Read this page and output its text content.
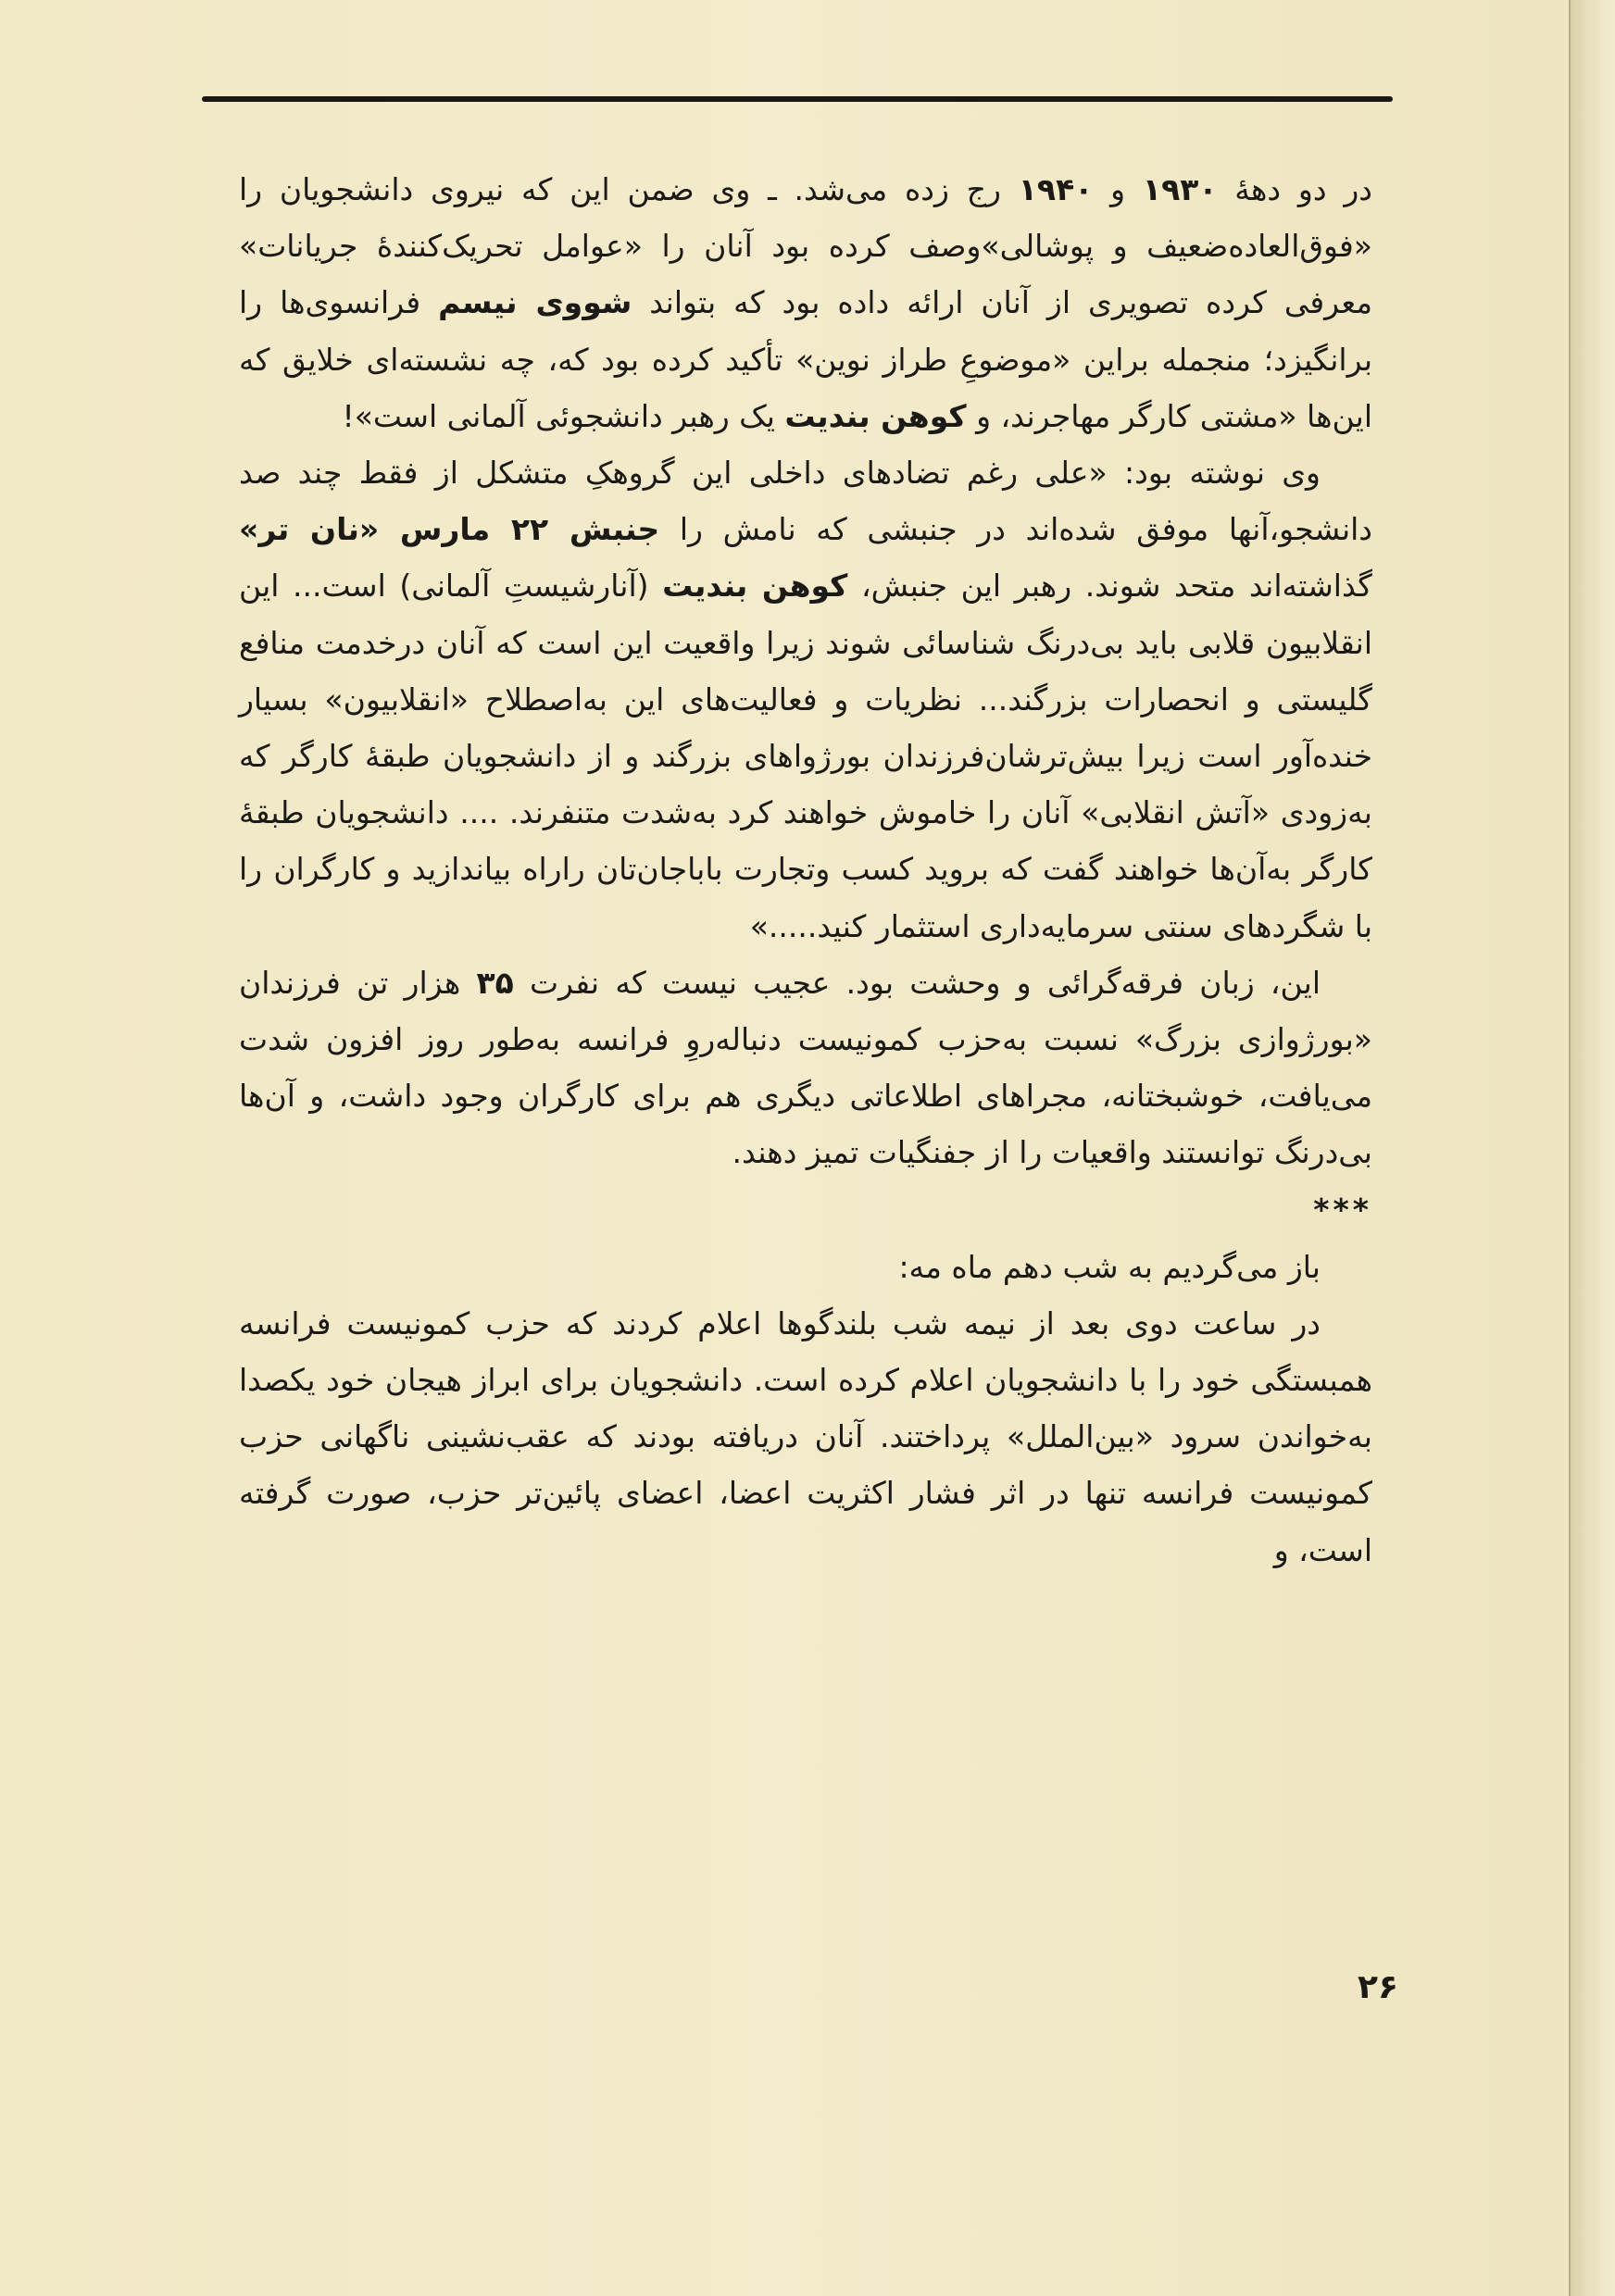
در دو دههٔ ۱۹۳۰ و ۱۹۴۰ رج زده می‌شد. ـ وی ضمن این که نیروی دانشجویان را «فوق‌العاده‌ضعیف و پوشالی»وصف کرده بود آنان را «عوامل تحریک‌کنندهٔ جریانات» معرفی کرده تصویری از آنان ارائه داده بود که بتواند شووی نیسم فرانسوی‌ها را برانگیزد؛ منجمله براین «موضوعِ طراز نوین» تأکید کرده بود که، چه نشسته‌ای خلایق که این‌ها «مشتی کارگر مهاجرند، و کوهن بندیت یک رهبر دانشجوئی آلمانی است»!

وی نوشته بود: «علی رغم تضادهای داخلی این گروهکِ متشکل از فقط چند صد دانشجو،آنها موفق شده‌اند در جنبشی که نامش را جنبش ۲۲ مارس «نان تر» گذاشته‌اند متحد شوند. رهبر این جنبش، کوهن بندیت (آنارشیستِ آلمانی) است... این انقلابیون قلابی باید بی‌درنگ شناسائی شوند زیرا واقعیت این است که آنان درخدمت منافع گلیستی و انحصارات بزرگند... نظریات و فعالیت‌های این به‌اصطلاح «انقلابیون» بسیار خنده‌آور است زیرا بیش‌ترشان‌فرزندان بورژواهای بزرگند و از دانشجویان طبقهٔ کارگر که به‌زودی «آتش انقلابی» آنان را خاموش خواهند کرد به‌شدت متنفرند. .... دانشجویان طبقهٔ کارگر به‌آن‌ها خواهند گفت که بروید کسب وتجارت باباجان‌تان راراه بیاندازید و کارگران را با شگردهای سنتی سرمایه‌داری استثمار کنید.....»

این، زبان فرقه‌گرائی و وحشت بود. عجیب نیست که نفرت ۳۵ هزار تن فرزندان «بورژوازی بزرگ» نسبت به‌حزب کمونیست دنباله‌روِ فرانسه به‌طور روز افزون شدت می‌یافت، خوشبختانه، مجراهای اطلاعاتی دیگری هم برای کارگران وجود داشت، و آن‌ها بی‌درنگ توانستند واقعیات را از جفنگیات تمیز دهند.

***

باز می‌گردیم به شب دهم ماه مه:

در ساعت دوی بعد از نیمه شب بلندگوها اعلام کردند که حزب کمونیست فرانسه همبستگی خود را با دانشجویان اعلام کرده است. دانشجویان برای ابراز هیجان خود یکصدا به‌خواندن سرود «بین‌الملل» پرداختند. آنان دریافته بودند که عقب‌نشینی ناگهانی حزب کمونیست فرانسه تنها در اثر فشار اکثریت اعضا، اعضای پائین‌تر حزب، صورت گرفته است، و

۲۶
